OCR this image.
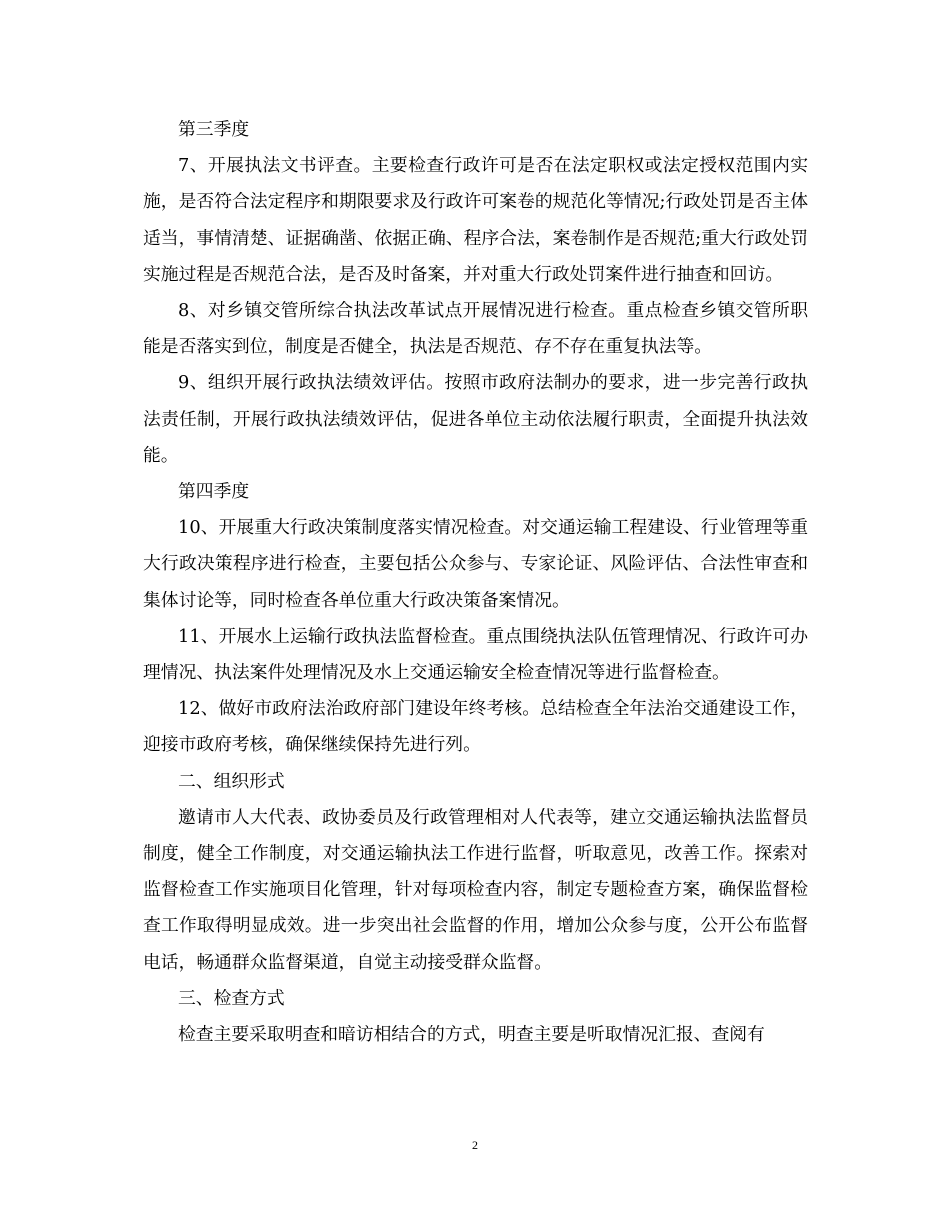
第三季度

7、开展执法文书评查。主要检查行政许可是否在法定职权或法定授权范围内实施，是否符合法定程序和期限要求及行政许可案卷的规范化等情况;行政处罚是否主体适当，事情清楚、证据确凿、依据正确、程序合法，案卷制作是否规范;重大行政处罚实施过程是否规范合法，是否及时备案，并对重大行政处罚案件进行抽查和回访。

8、对乡镇交管所综合执法改革试点开展情况进行检查。重点检查乡镇交管所职能是否落实到位，制度是否健全，执法是否规范、存不存在重复执法等。

9、组织开展行政执法绩效评估。按照市政府法制办的要求，进一步完善行政执法责任制，开展行政执法绩效评估，促进各单位主动依法履行职责，全面提升执法效能。

第四季度

10、开展重大行政决策制度落实情况检查。对交通运输工程建设、行业管理等重大行政决策程序进行检查，主要包括公众参与、专家论证、风险评估、合法性审查和集体讨论等，同时检查各单位重大行政决策备案情况。

11、开展水上运输行政执法监督检查。重点围绕执法队伍管理情况、行政许可办理情况、执法案件处理情况及水上交通运输安全检查情况等进行监督检查。

12、做好市政府法治政府部门建设年终考核。总结检查全年法治交通建设工作，迎接市政府考核，确保继续保持先进行列。

二、组织形式

邀请市人大代表、政协委员及行政管理相对人代表等，建立交通运输执法监督员制度，健全工作制度，对交通运输执法工作进行监督，听取意见，改善工作。探索对监督检查工作实施项目化管理，针对每项检查内容，制定专题检查方案，确保监督检查工作取得明显成效。进一步突出社会监督的作用，增加公众参与度，公开公布监督电话，畅通群众监督渠道，自觉主动接受群众监督。

三、检查方式

检查主要采取明查和暗访相结合的方式，明查主要是听取情况汇报、查阅有

2
